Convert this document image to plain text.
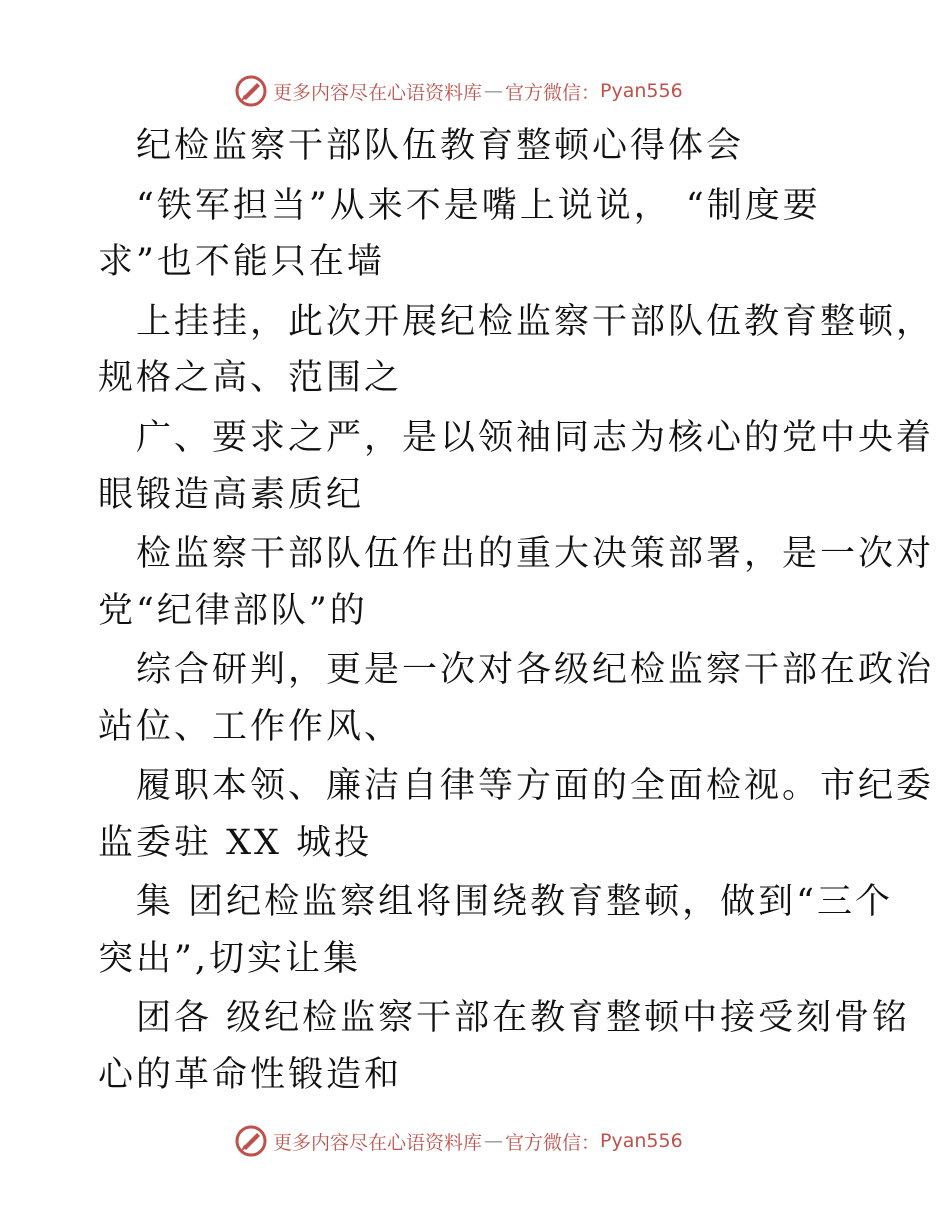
更多内容尽在心语资料库 — 官方微信： Pyan556
纪检监察干部队伍教育整顿心得体会
“铁军担当”从来不是嘴上说说， “制度要
求”也不能只在墙
上挂挂，此次开展纪检监察干部队伍教育整顿，
规格之高、范围之
广、要求之严，是以领袖同志为核心的党中央着
眼锻造高素质纪
检监察干部队伍作出的重大决策部署，是一次对
党“纪律部队”的
综合研判，更是一次对各级纪检监察干部在政治
站位、工作作风、
履职本领、廉洁自律等方面的全面检视。市纪委
监委驻 XX 城投
集 团纪检监察组将围绕教育整顿，做到“三个
突出”,切实让集
团各 级纪检监察干部在教育整顿中接受刻骨铭
心的革命性锻造和
更多内容尽在心语资料库 — 官方微信： Pyan556
